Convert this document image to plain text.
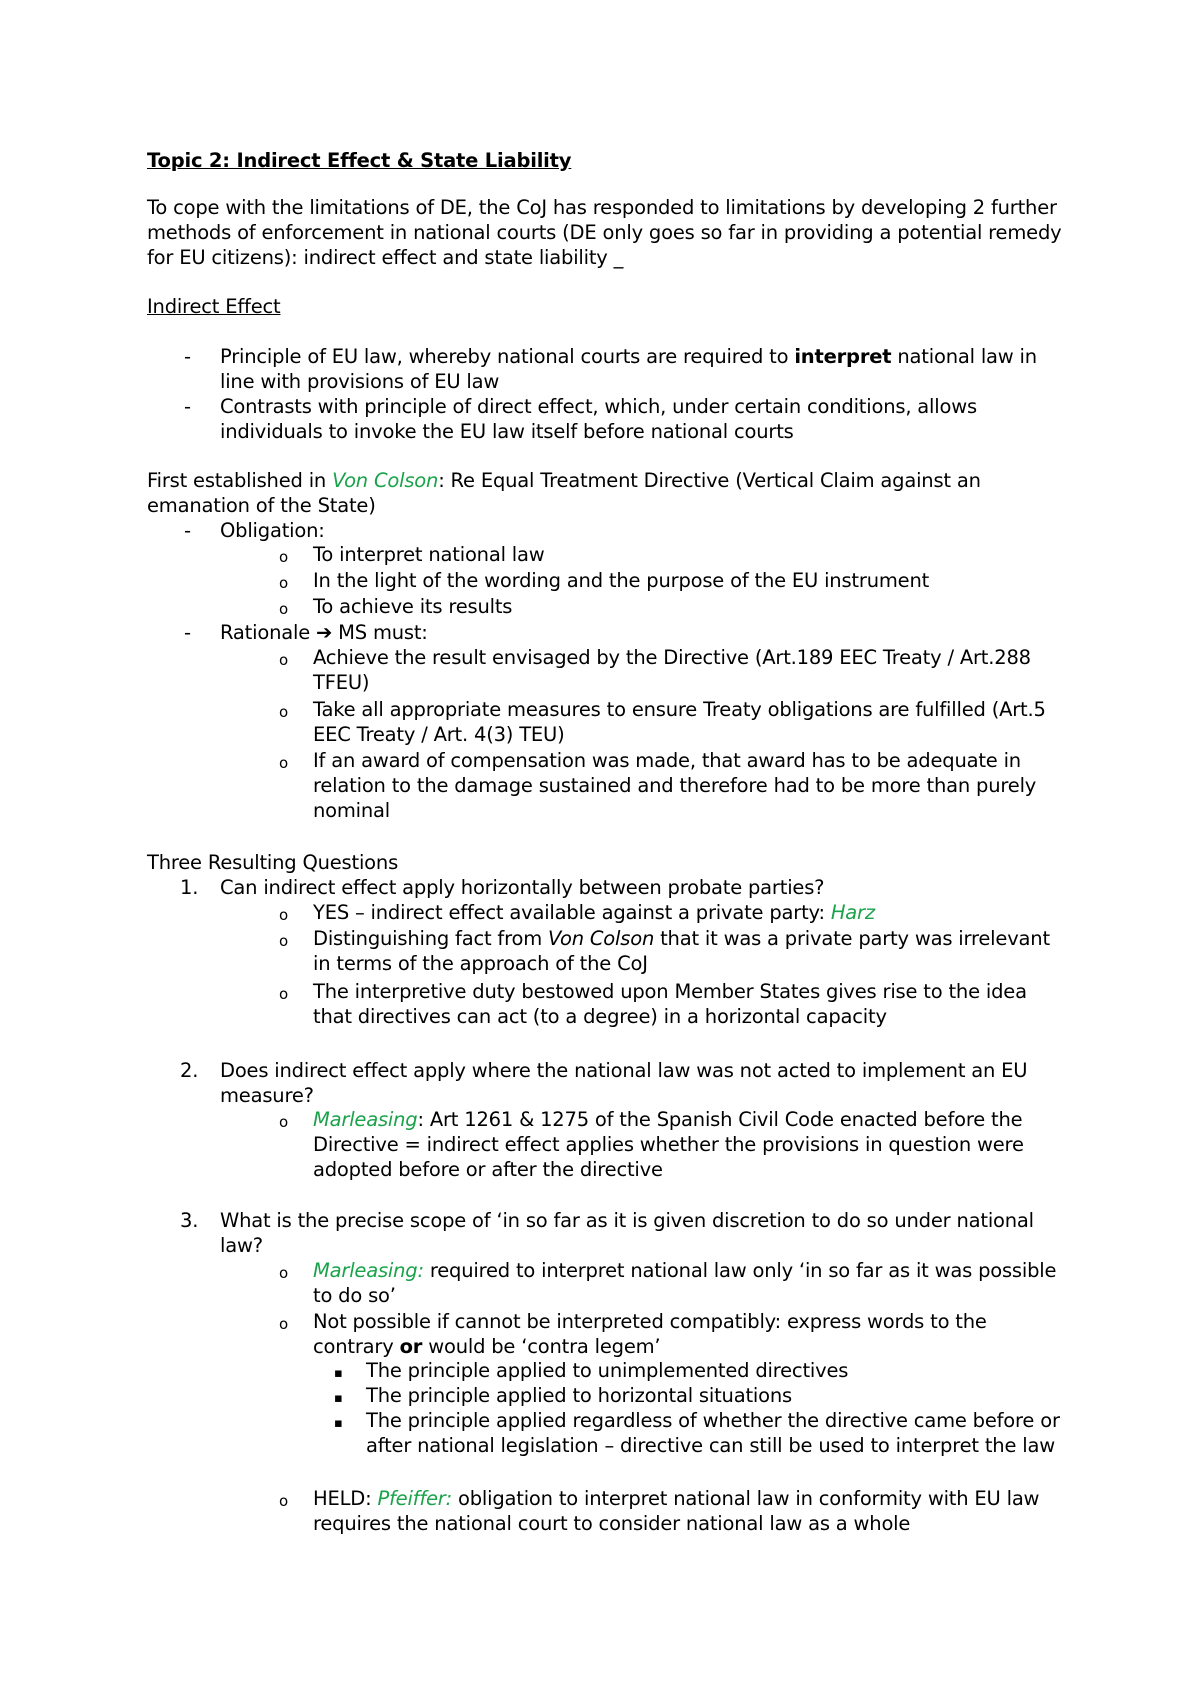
Topic 2: Indirect Effect & State Liability

To cope with the limitations of DE, the CoJ has responded to limitations by developing 2 further methods of enforcement in national courts (DE only goes so far in providing a potential remedy for EU citizens): indirect effect and state liability _

Indirect Effect

- Principle of EU law, whereby national courts are required to interpret national law in line with provisions of EU law

- Contrasts with principle of direct effect, which, under certain conditions, allows individuals to invoke the EU law itself before national courts

First established in Von Colson: Re Equal Treatment Directive (Vertical Claim against an emanation of the State)

- Obligation:

o To interpret national law

o In the light of the wording and the purpose of the EU instrument

o To achieve its results

- Rationale ➔ MS must:

o Achieve the result envisaged by the Directive (Art.189 EEC Treaty / Art.288 TFEU)

o Take all appropriate measures to ensure Treaty obligations are fulfilled (Art.5 EEC Treaty / Art. 4(3) TEU)

o If an award of compensation was made, that award has to be adequate in relation to the damage sustained and therefore had to be more than purely nominal

Three Resulting Questions

1. Can indirect effect apply horizontally between probate parties?

o YES – indirect effect available against a private party: Harz

o Distinguishing fact from Von Colson that it was a private party was irrelevant in terms of the approach of the CoJ

o The interpretive duty bestowed upon Member States gives rise to the idea that directives can act (to a degree) in a horizontal capacity

2. Does indirect effect apply where the national law was not acted to implement an EU measure?

o Marleasing: Art 1261 & 1275 of the Spanish Civil Code enacted before the Directive = indirect effect applies whether the provisions in question were adopted before or after the directive

3. What is the precise scope of ‘in so far as it is given discretion to do so under national law?

o Marleasing: required to interpret national law only ‘in so far as it was possible to do so’

o Not possible if cannot be interpreted compatibly: express words to the contrary or would be ‘contra legem’

▪ The principle applied to unimplemented directives

▪ The principle applied to horizontal situations

▪ The principle applied regardless of whether the directive came before or after national legislation – directive can still be used to interpret the law

o HELD: Pfeiffer: obligation to interpret national law in conformity with EU law requires the national court to consider national law as a whole
